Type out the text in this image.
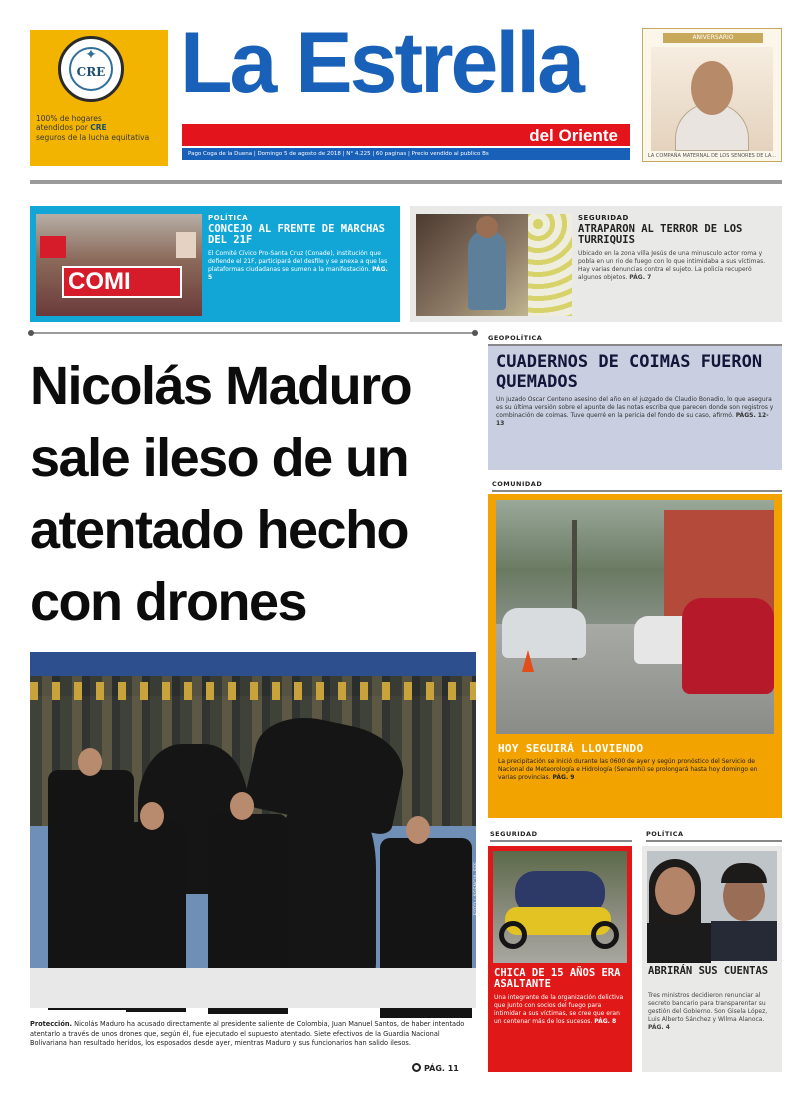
✦
CRE
100% de hogares
atendidos por CRE
seguros de la lucha equitativa
La Estrella
del Oriente
Pago Coga de la Duena | Domingo 5 de agosto de 2018 | N° 4.225 | 60 paginas | Precio vendido al publico Bs
ANIVERSARIO
LA COMPAÑA MATERNAL DE LOS SENORES DE LA...
COMI
POLÍTICA
CONCEJO AL FRENTE DE MARCHAS DEL 21F
El Comité Cívico Pro-Santa Cruz (Conade), institución que defiende el 21F, participará del desfile y se anexa a que las plataformas ciudadanas se sumen a la manifestación. PÁG. 5
SEGURIDAD
ATRAPARON AL TERROR DE LOS TURRIQUIS
Ubicado en la zona villa Jesús de una minusculo actor roma y pobla en un rio de fuego con lo que intimidaba a sus víctimas. Hay varias denuncias contra el sujeto. La policía recuperó algunos objetos. PÁG. 7
Nicolás Maduro sale ileso de un atentado hecho con drones
FOTO / AGENCIA: EFE

Protección. Nicolás Maduro ha acusado directamente al presidente saliente de Colombia, Juan Manuel Santos, de haber intentado atentarlo a través de unos drones que, según él, fue ejecutado el supuesto atentado. Siete efectivos de la Guardia Nacional Bolivariana han resultado heridos, los esposados desde ayer, mientras Maduro y sus funcionarios han salido ilesos.

PÁG. 11
GEOPOLÍTICA
CUADERNOS DE COIMAS FUERON QUEMADOS
Un juzado Oscar Centeno asesino del año en el juzgado de Claudio Bonadio, lo que asegura es su última versión sobre el apunte de las notas escriba que parecen donde son registros y combinación de coimas. Tuve querré en la pericia del fondo de su caso, afirmó. PÁGS. 12-13
COMUNIDAD
HOY SEGUIRÁ LLOVIENDO
La precipitación se inició durante las 0600 de ayer y según pronóstico del Servicio de Nacional de Meteorología e Hidrología (Senamhi) se prolongará hasta hoy domingo en varias provincias. PÁG. 9
SEGURIDAD
CHICA DE 15 AÑOS ERA ASALTANTE
Una integrante de la organización delictiva que junto con socios del fuego para intimidar a sus víctimas, se cree que eran un centenar más de los sucesos. PÁG. 8
POLÍTICA
ABRIRÁN SUS CUENTAS
Tres ministros decidieron renunciar al secreto bancario para transparentar su gestión del Gobierno. Son Gisela López, Luis Alberto Sánchez y Wilma Alanoca. PÁG. 4
